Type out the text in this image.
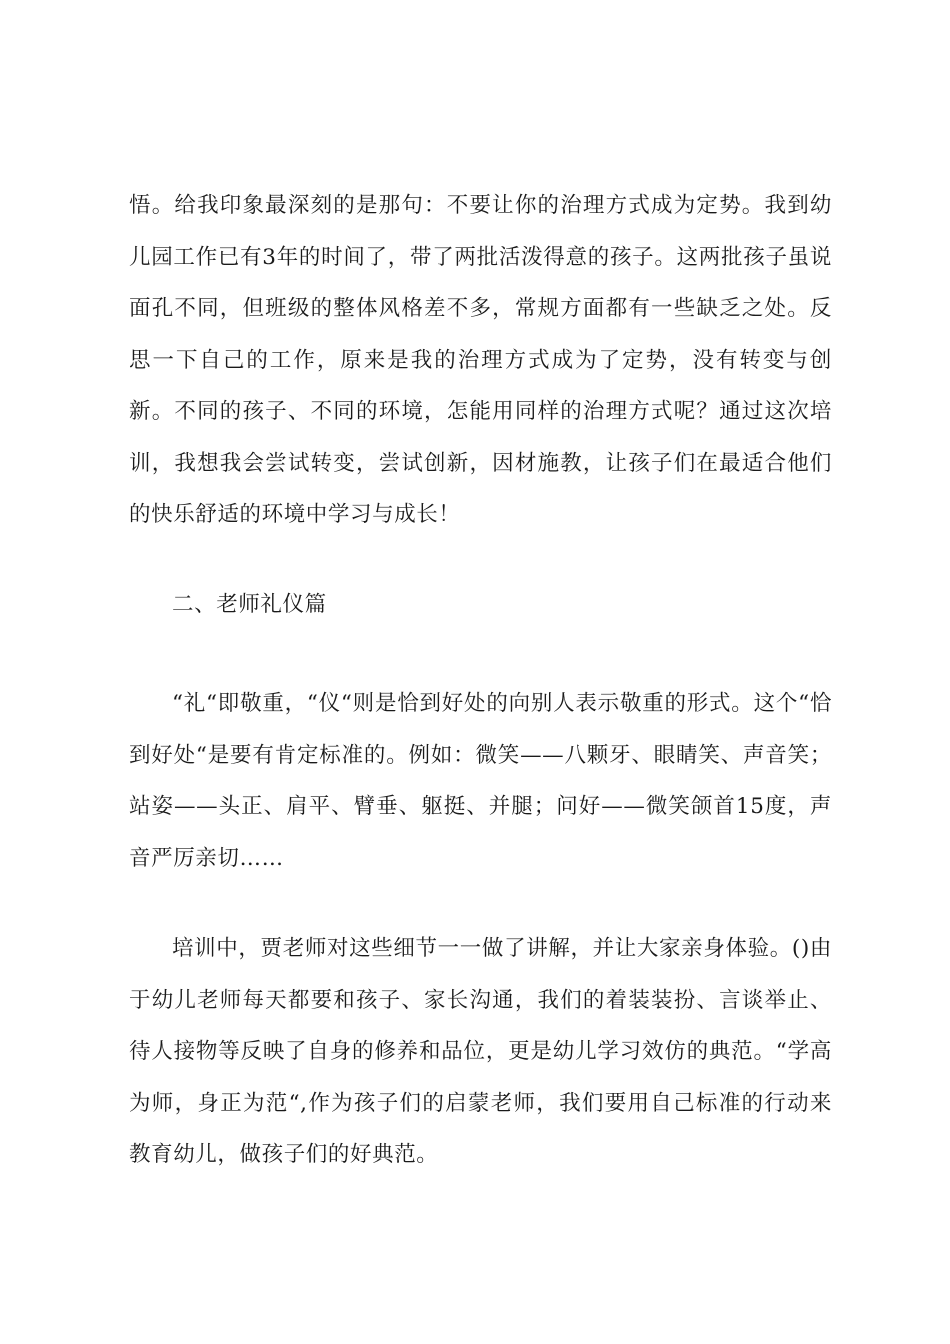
悟。给我印象最深刻的是那句：不要让你的治理方式成为定势。我到幼儿园工作已有3年的时间了，带了两批活泼得意的孩子。这两批孩子虽说面孔不同，但班级的整体风格差不多，常规方面都有一些缺乏之处。反思一下自己的工作，原来是我的治理方式成为了定势，没有转变与创新。不同的孩子、不同的环境，怎能用同样的治理方式呢？通过这次培训，我想我会尝试转变，尝试创新，因材施教，让孩子们在最适合他们的快乐舒适的环境中学习与成长！

二、老师礼仪篇

“礼“即敬重，“仪“则是恰到好处的向别人表示敬重的形式。这个“恰到好处“是要有肯定标准的。例如：微笑——八颗牙、眼睛笑、声音笑；站姿——头正、肩平、臂垂、躯挺、并腿；问好——微笑颌首15度，声音严厉亲切……

培训中，贾老师对这些细节一一做了讲解，并让大家亲身体验。()由于幼儿老师每天都要和孩子、家长沟通，我们的着装装扮、言谈举止、待人接物等反映了自身的修养和品位，更是幼儿学习效仿的典范。“学高为师，身正为范“,作为孩子们的启蒙老师，我们要用自己标准的行动来教育幼儿，做孩子们的好典范。
